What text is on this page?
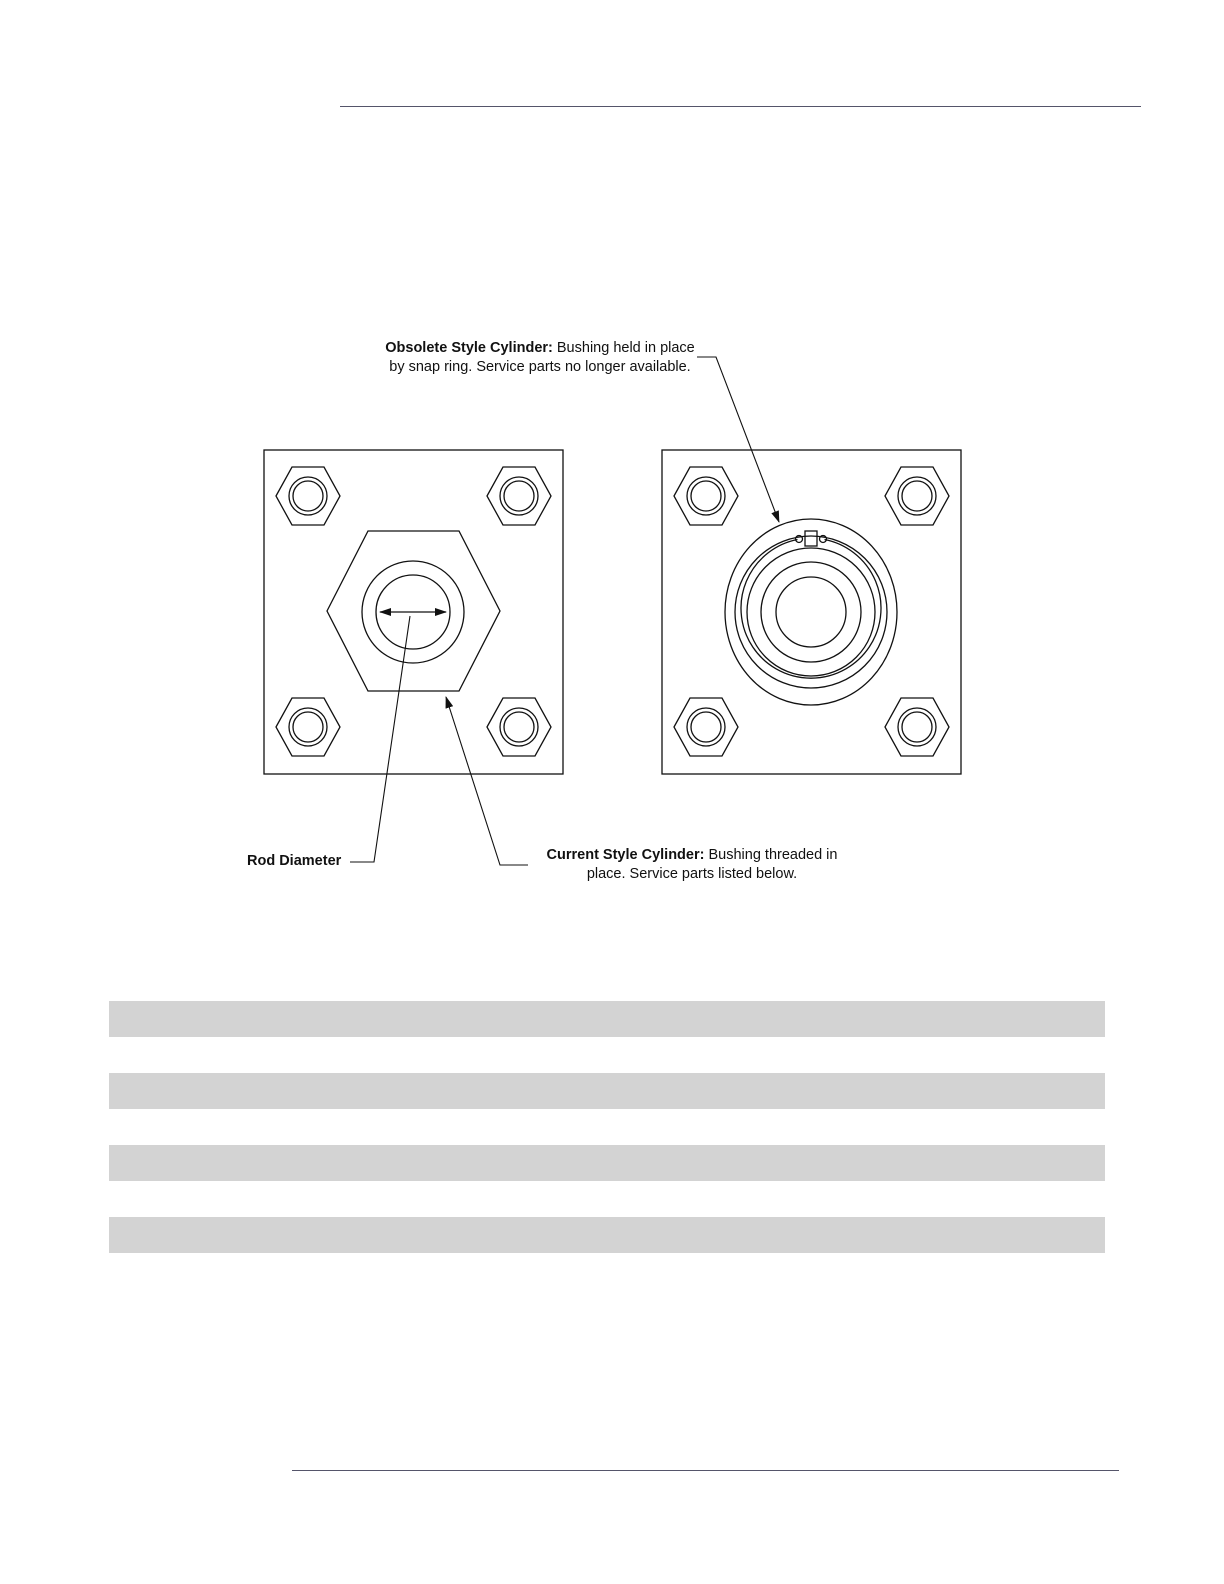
Obsolete Style Cylinder: Bushing held in place
by snap ring. Service parts no longer available.
Current Style Cylinder: Bushing threaded in
place. Service parts listed below.
Rod Diameter
